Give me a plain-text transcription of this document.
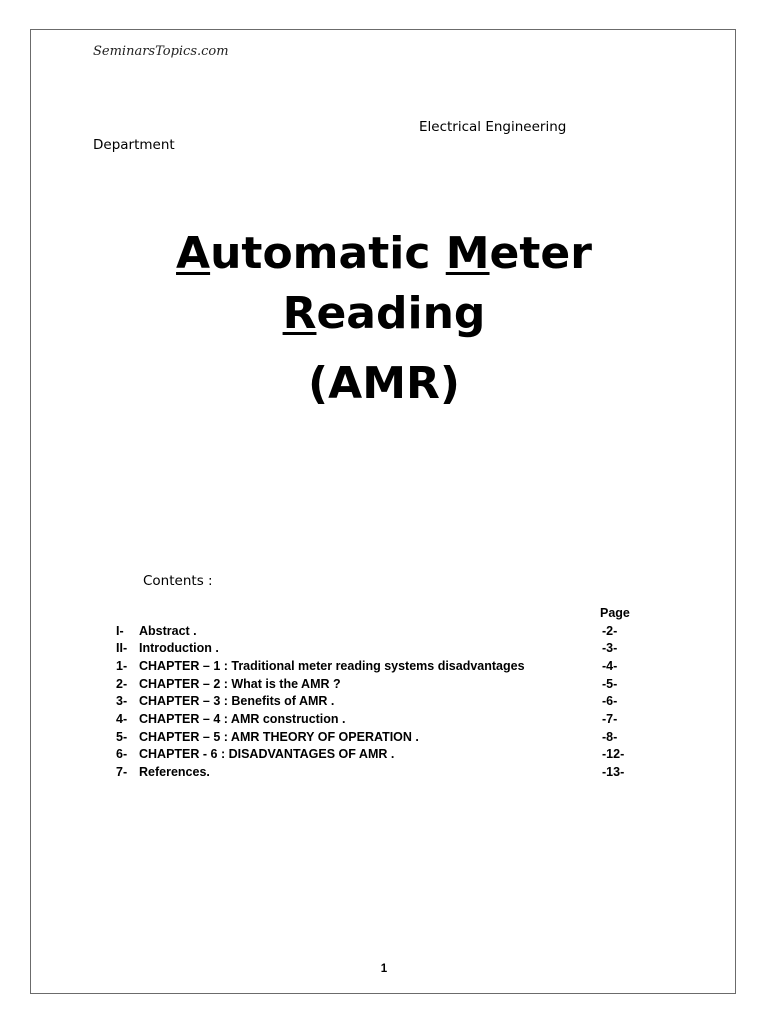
SeminarsTopics.com
Electrical Engineering
Department
Automatic Meter
Reading
(AMR)
Contents :
Page
I- Abstract .	-2-
II- Introduction .	-3-
1- CHAPTER – 1 : Traditional meter reading systems disadvantages	-4-
2- CHAPTER – 2 : What is the AMR ?	-5-
3- CHAPTER – 3 : Benefits of AMR .	-6-
4- CHAPTER – 4 : AMR construction .	-7-
5- CHAPTER – 5 : AMR THEORY OF OPERATION .	-8-
6- CHAPTER - 6 : DISADVANTAGES OF AMR .	-12-
7- References.	-13-
1
